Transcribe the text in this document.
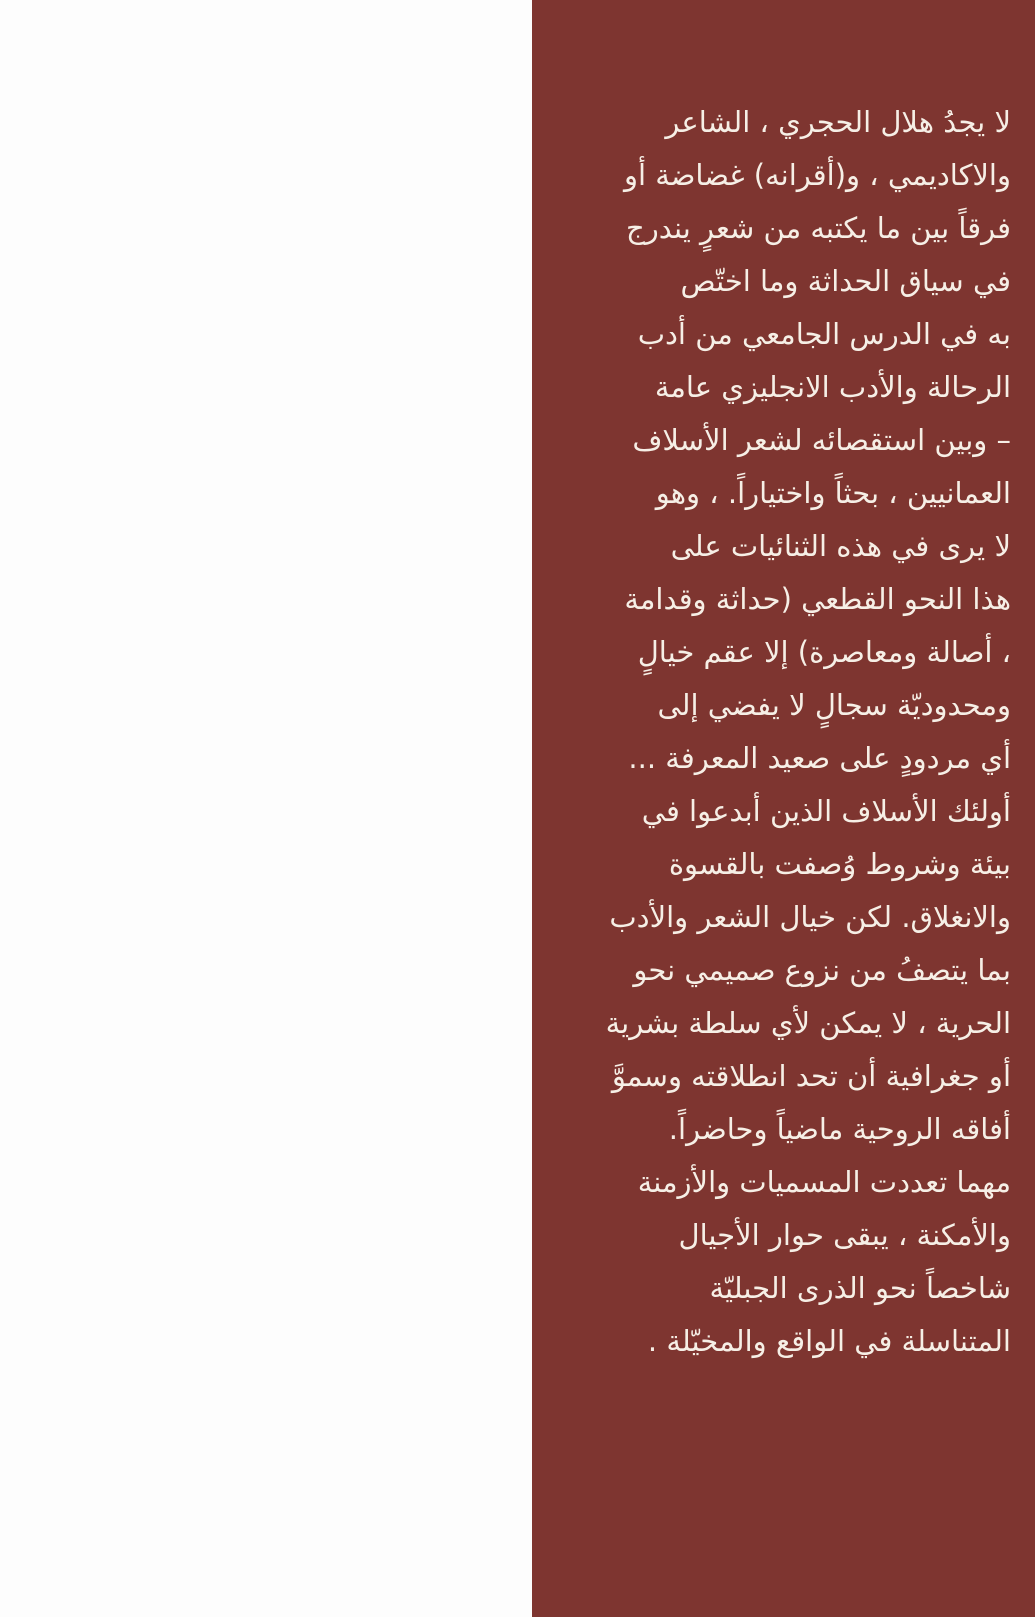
لا يجدُ هلال الحجري ، الشاعر
والاكاديمي ، و(أقرانه) غضاضة أو
فرقاً بين ما يكتبه من شعرٍ يندرج
في سياق الحداثة وما اختّص
به في الدرس الجامعي من أدب
الرحالة والأدب الانجليزي عامة
– وبين استقصائه لشعر الأسلاف
العمانيين ، بحثاً واختياراً. ، وهو
لا يرى في هذه الثنائيات على
هذا النحو القطعي (حداثة وقدامة
، أصالة ومعاصرة) إلا عقم خيالٍ
ومحدوديّة سجالٍ لا يفضي إلى
أي مردودٍ على صعيد المعرفة ...
أولئك الأسلاف الذين أبدعوا في
بيئة وشروط وُصفت بالقسوة
والانغلاق. لكن خيال الشعر والأدب
بما يتصفُ من نزوع صميمي نحو
الحرية ، لا يمكن لأي سلطة بشرية
أو جغرافية أن تحد انطلاقته وسموَّ
أفاقه الروحية ماضياً وحاضراً.
مهما تعددت المسميات والأزمنة
والأمكنة ، يبقى حوار الأجيال
شاخصاً نحو الذرى الجبليّة
المتناسلة في الواقع والمخيّلة .
